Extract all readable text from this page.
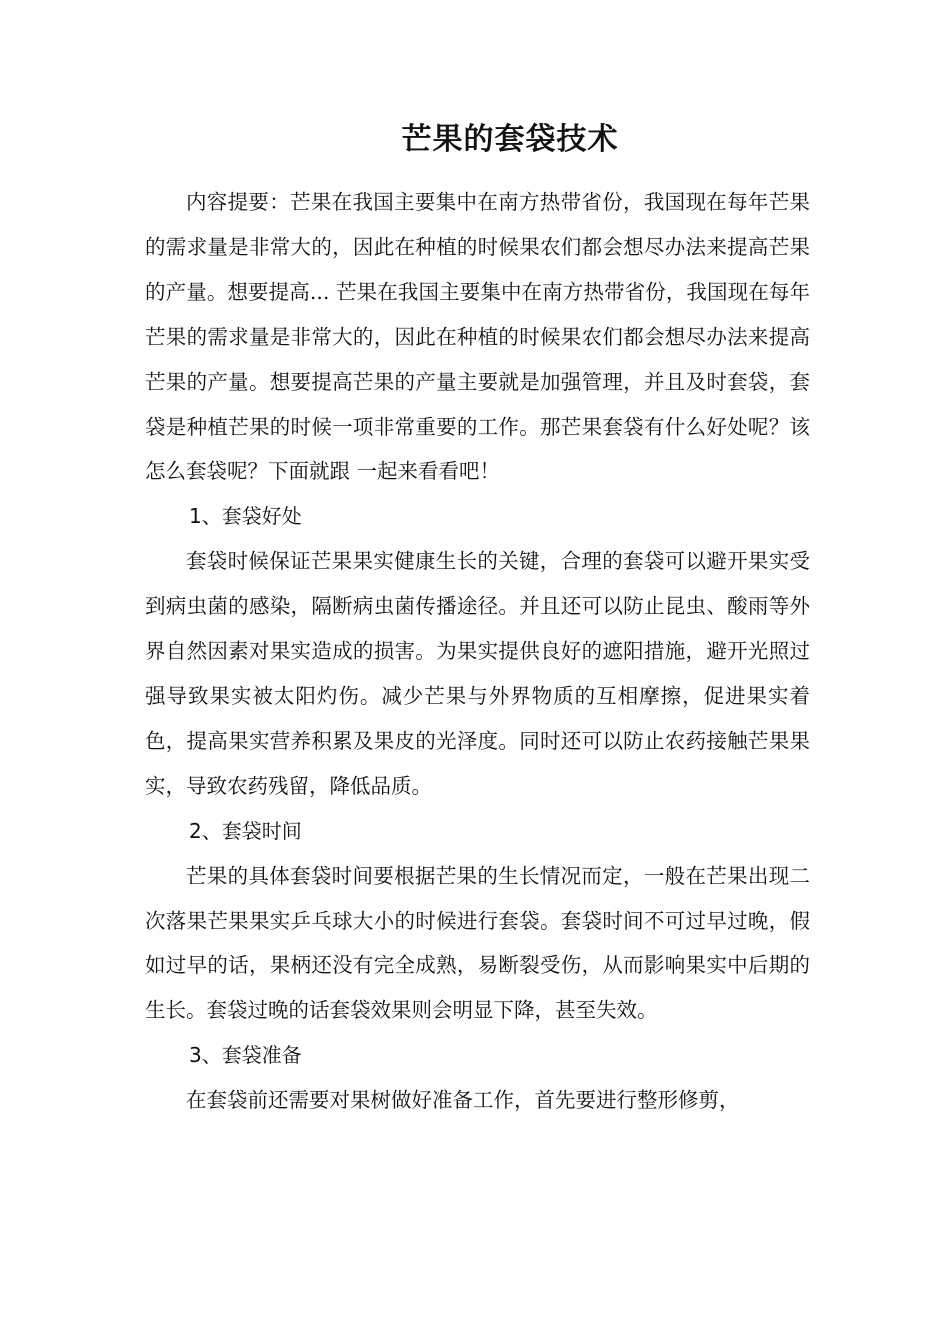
芒果的套袋技术

内容提要：芒果在我国主要集中在南方热带省份，我国现在每年芒果的需求量是非常大的，因此在种植的时候果农们都会想尽办法来提高芒果的产量。想要提高... 芒果在我国主要集中在南方热带省份，我国现在每年芒果的需求量是非常大的，因此在种植的时候果农们都会想尽办法来提高芒果的产量。想要提高芒果的产量主要就是加强管理，并且及时套袋，套袋是种植芒果的时候一项非常重要的工作。那芒果套袋有什么好处呢？该怎么套袋呢？下面就跟 一起来看看吧！

1、套袋好处

套袋时候保证芒果果实健康生长的关键，合理的套袋可以避开果实受到病虫菌的感染，隔断病虫菌传播途径。并且还可以防止昆虫、酸雨等外界自然因素对果实造成的损害。为果实提供良好的遮阳措施，避开光照过强导致果实被太阳灼伤。减少芒果与外界物质的互相摩擦，促进果实着色，提高果实营养积累及果皮的光泽度。同时还可以防止农药接触芒果果实，导致农药残留，降低品质。

2、套袋时间

芒果的具体套袋时间要根据芒果的生长情况而定，一般在芒果出现二次落果芒果果实乒乓球大小的时候进行套袋。套袋时间不可过早过晚，假如过早的话，果柄还没有完全成熟，易断裂受伤，从而影响果实中后期的生长。套袋过晚的话套袋效果则会明显下降，甚至失效。

3、套袋准备

在套袋前还需要对果树做好准备工作，首先要进行整形修剪，
